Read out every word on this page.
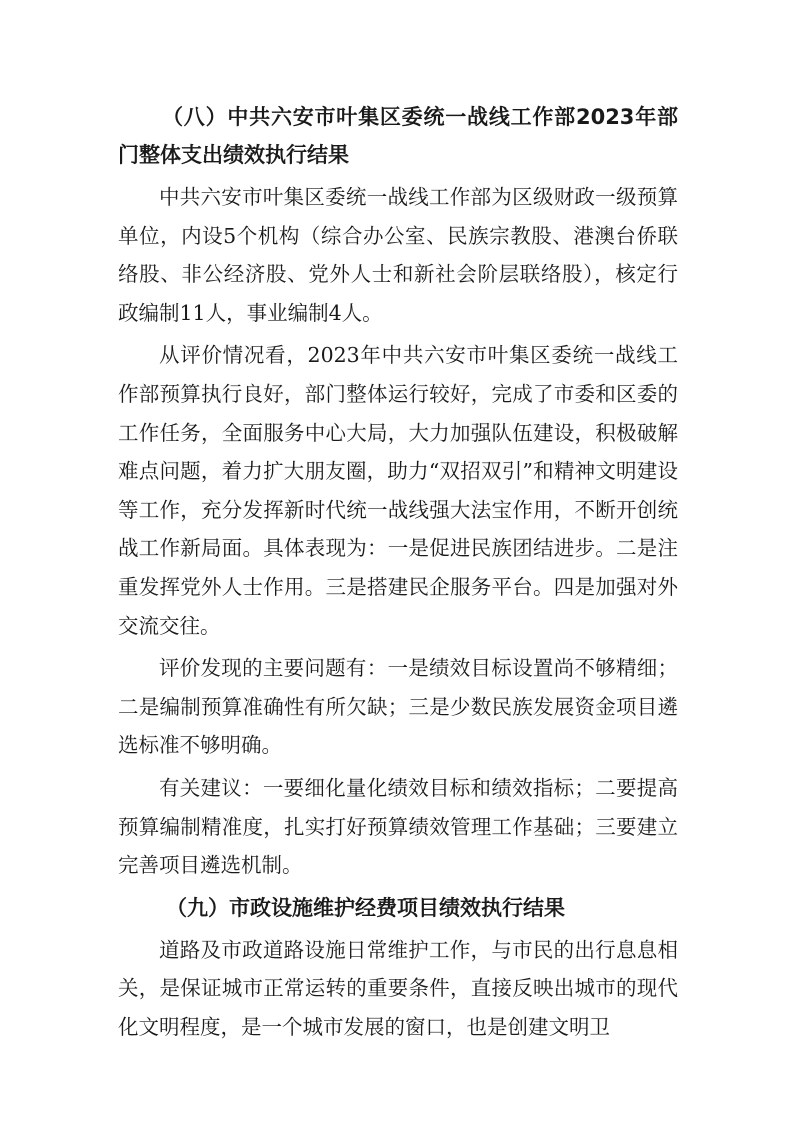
（八）中共六安市叶集区委统一战线工作部2023年部门整体支出绩效执行结果

中共六安市叶集区委统一战线工作部为区级财政一级预算单位，内设5个机构（综合办公室、民族宗教股、港澳台侨联络股、非公经济股、党外人士和新社会阶层联络股），核定行政编制11人，事业编制4人。

从评价情况看，2023年中共六安市叶集区委统一战线工作部预算执行良好，部门整体运行较好，完成了市委和区委的工作任务，全面服务中心大局，大力加强队伍建设，积极破解难点问题，着力扩大朋友圈，助力“双招双引”和精神文明建设等工作，充分发挥新时代统一战线强大法宝作用，不断开创统战工作新局面。具体表现为：一是促进民族团结进步。二是注重发挥党外人士作用。三是搭建民企服务平台。四是加强对外交流交往。

评价发现的主要问题有：一是绩效目标设置尚不够精细；二是编制预算准确性有所欠缺；三是少数民族发展资金项目遴选标准不够明确。

有关建议：一要细化量化绩效目标和绩效指标；二要提高预算编制精准度，扎实打好预算绩效管理工作基础；三要建立完善项目遴选机制。

（九）市政设施维护经费项目绩效执行结果

道路及市政道路设施日常维护工作，与市民的出行息息相关，是保证城市正常运转的重要条件，直接反映出城市的现代化文明程度，是一个城市发展的窗口，也是创建文明卫
